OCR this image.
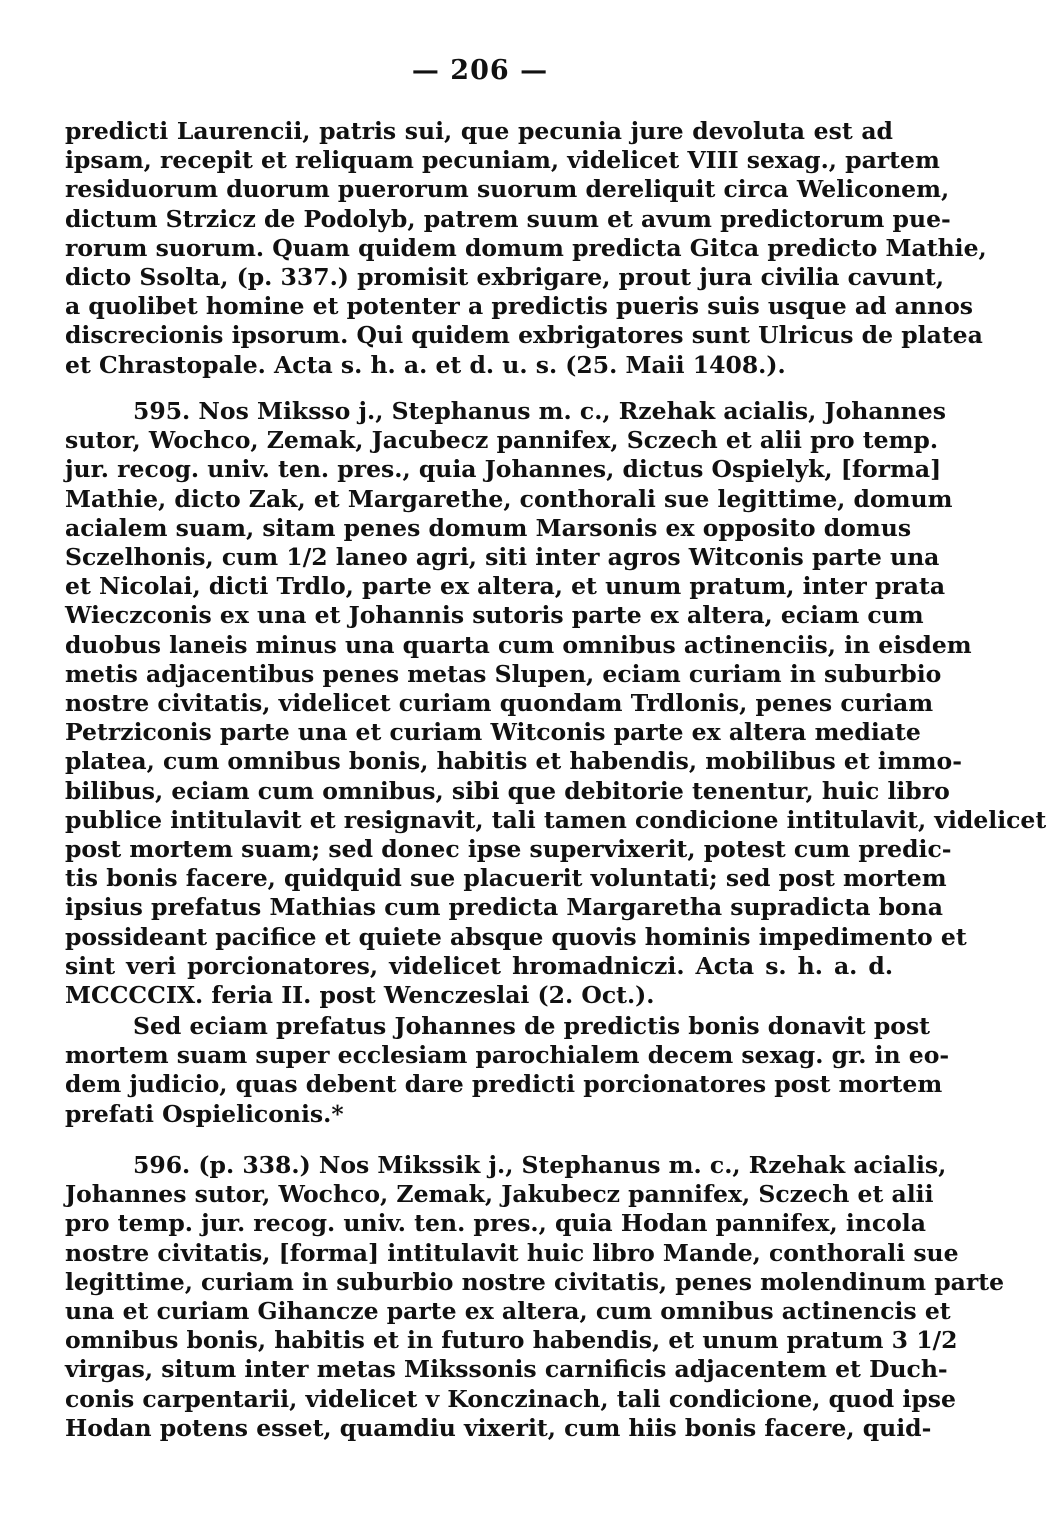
— 206 —
predicti Laurencii, patris sui, que pecunia jure devoluta est ad
ipsam, recepit et reliquam pecuniam, videlicet VIII sexag., partem
residuorum duorum puerorum suorum dereliquit circa Weliconem,
dictum Strzicz de Podolyb, patrem suum et avum predictorum pue-
rorum suorum. Quam quidem domum predicta Gitca predicto Mathie,
dicto Ssolta, (p. 337.) promisit exbrigare, prout jura civilia cavunt,
a quolibet homine et potenter a predictis pueris suis usque ad annos
discrecionis ipsorum. Qui quidem exbrigatores sunt Ulricus de platea
et Chrastopale. Acta s. h. a. et d. u. s. (25. Maii 1408.).
595. Nos Miksso j., Stephanus m. c., Rzehak acialis, Johannes
sutor, Wochco, Zemak, Jacubecz pannifex, Sczech et alii pro temp.
jur. recog. univ. ten. pres., quia Johannes, dictus Ospielyk, [forma]
Mathie, dicto Zak, et Margarethe, conthorali sue legittime, domum
acialem suam, sitam penes domum Marsonis ex opposito domus
Sczelhonis, cum 1/2 laneo agri, siti inter agros Witconis parte una
et Nicolai, dicti Trdlo, parte ex altera, et unum pratum, inter prata
Wieczconis ex una et Johannis sutoris parte ex altera, eciam cum
duobus laneis minus una quarta cum omnibus actinenciis, in eisdem
metis adjacentibus penes metas Slupen, eciam curiam in suburbio
nostre civitatis, videlicet curiam quondam Trdlonis, penes curiam
Petrziconis parte una et curiam Witconis parte ex altera mediate
platea, cum omnibus bonis, habitis et habendis, mobilibus et immo-
bilibus, eciam cum omnibus, sibi que debitorie tenentur, huic libro
publice intitulavit et resignavit, tali tamen condicione intitulavit, videlicet
post mortem suam; sed donec ipse supervixerit, potest cum predic-
tis bonis facere, quidquid sue placuerit voluntati; sed post mortem
ipsius prefatus Mathias cum predicta Margaretha supradicta bona
possideant pacifice et quiete absque quovis hominis impedimento et
sint veri porcionatores, videlicet hromadniczi. Acta s. h. a. d.
MCCCCIX. feria II. post Wenczeslai (2. Oct.).
Sed eciam prefatus Johannes de predictis bonis donavit post
mortem suam super ecclesiam parochialem decem sexag. gr. in eo-
dem judicio, quas debent dare predicti porcionatores post mortem
prefati Ospieliconis.*
596. (p. 338.) Nos Mikssik j., Stephanus m. c., Rzehak acialis,
Johannes sutor, Wochco, Zemak, Jakubecz pannifex, Sczech et alii
pro temp. jur. recog. univ. ten. pres., quia Hodan pannifex, incola
nostre civitatis, [forma] intitulavit huic libro Mande, conthorali sue
legittime, curiam in suburbio nostre civitatis, penes molendinum parte
una et curiam Gihancze parte ex altera, cum omnibus actinencis et
omnibus bonis, habitis et in futuro habendis, et unum pratum 3 1/2
virgas, situm inter metas Mikssonis carnificis adjacentem et Duch-
conis carpentarii, videlicet v Konczinach, tali condicione, quod ipse
Hodan potens esset, quamdiu vixerit, cum hiis bonis facere, quid-
